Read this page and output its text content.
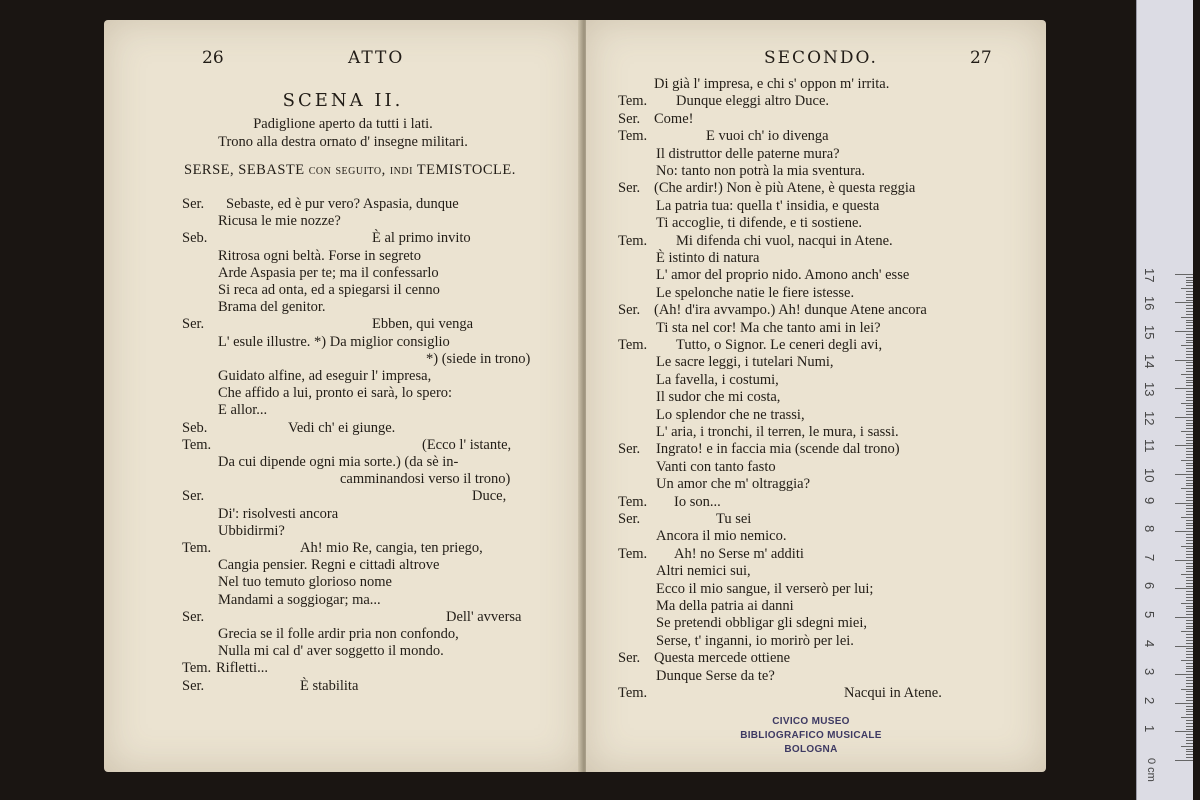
26	ATTO
SCENA II.
Padiglione aperto da tutti i lati.
Trono alla destra ornato d' insegne militari.
SERSE, SEBASTE con seguito, indi TEMISTOCLE.
Ser. Sebaste, ed è pur vero? Aspasia, dunque
Ricusa le mie nozze?
Seb.	È al primo invito
Ritrosa ogni beltà. Forse in segreto
Arde Aspasia per te; ma il confessarlo
Si reca ad onta, ed a spiegarsi il cenno
Brama del genitor.
Ser.	Ebben, qui venga
L' esule illustre. *) Da miglior consiglio
*) (siede in trono)
Guidato alfine, ad eseguir l' impresa,
Che affido a lui, pronto ei sarà, lo spero:
E allor...
Seb.	Vedi ch' ei giunge.
Tem.	(Ecco l' istante,
Da cui dipende ogni mia sorte.) (da sè in-
camminandosi verso il trono)
Ser.	Duce,
Di': risolvesti ancora
Ubbidirmi?
Tem.	Ah! mio Re, cangia, ten priego,
Cangia pensier. Regni e cittadi altrove
Nel tuo temuto glorioso nome
Mandami a soggiogar; ma...
Ser.	Dell' avversa
Grecia se il folle ardir pria non confondo,
Nulla mi cal d' aver soggetto il mondo.
Tem. Rifletti...
Ser.	È stabilita
SECONDO.	27
Di già l' impresa, e chi s' oppon m' irrita.
Tem. Dunque eleggi altro Duce.
Ser. Come!
Tem.	E vuoi ch' io divenga
Il distruttor delle paterne mura?
No: tanto non potrà la mia sventura.
Ser. (Che ardir!) Non è più Atene, è questa reggia
La patria tua: quella t' insidia, e questa
Ti accoglie, ti difende, e ti sostiene.
Tem. Mi difenda chi vuol, nacqui in Atene.
È istinto di natura
L' amor del proprio nido. Amono anch' esse
Le spelonche natie le fiere istesse.
Ser. (Ah! d'ira avvampo.) Ah! dunque Atene ancora
Ti sta nel cor! Ma che tanto ami in lei?
Tem. Tutto, o Signor. Le ceneri degli avi,
Le sacre leggi, i tutelari Numi,
La favella, i costumi,
Il sudor che mi costa,
Lo splendor che ne trassi,
L' aria, i tronchi, il terren, le mura, i sassi.
Ser. Ingrato! e in faccia mia (scende dal trono)
Vanti con tanto fasto
Un amor che m' oltraggia?
Tem. Io son...
Ser.	Tu sei
Ancora il mio nemico.
Tem. Ah! no Serse m' additi
Altri nemici sui,
Ecco il mio sangue, il verserò per lui;
Ma della patria ai danni
Se pretendi obbligar gli sdegni miei,
Serse, t' inganni, io morirò per lei.
Ser. Questa mercede ottiene
Dunque Serse da te?
Tem.	Nacqui in Atene.
CIVICO MUSEO
BIBLIOGRAFICO MUSICALE
BOLOGNA
1
2
3
4
5
6
7
8
9
10
11
12
13
14
15
16
17
0 cm
